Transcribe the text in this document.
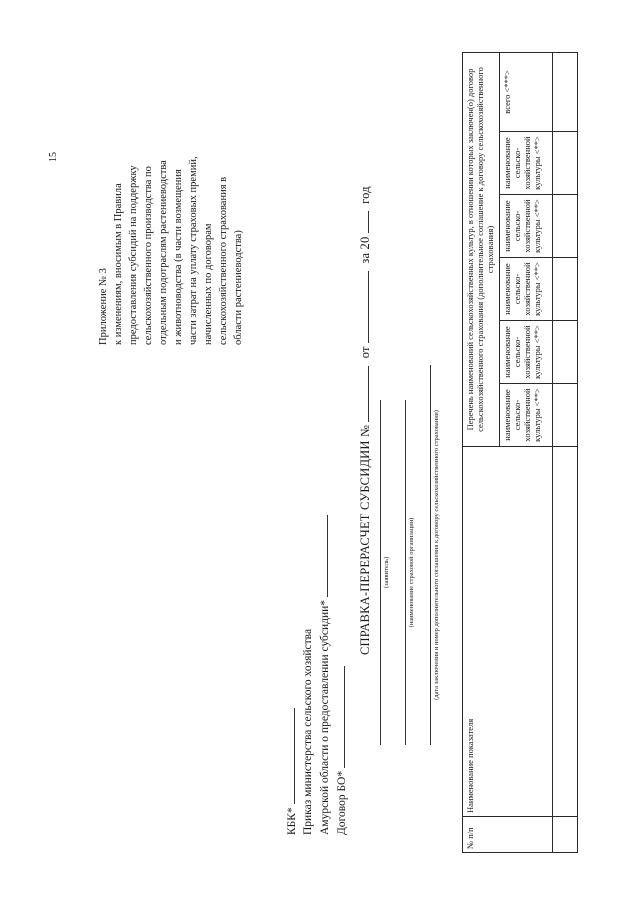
15
Приложение № 3 к изменениям, вносимым в Правила предоставления субсидий на поддержку сельскохозяйственного производства по отдельным подотраслям растениеводства и животноводства (в части возмещения части затрат на уплату страховых премий, начисленных по договорам сельскохозяйственного страхования в области растениеводства)
КБК* Приказ министерства сельского хозяйства Амурской области о предоставлении субсидии* Договор БО*
СПРАВКА-ПЕРЕРАСЧЕТ СУБСИДИИ №  от  за 20  год
(заявитель)	(наименование страховой организации)	(дата заключения и номер дополнительного соглашения к договору сельскохозяйственного страхования)
№ п/п	Наименование показателя	Перечень наименований сельскохозяйственных культур, в отношении которых заключен(о) договор сельскохозяйственного страхования (дополнительное соглашение к договору сельскохозяйственного страхования)					
		наименование сельско-хозяйственной культуры <**>	наименование сельско-хозяйственной культуры <**>	наименование сельско-хозяйственной культуры <**>	наименование сельско-хозяйственной культуры <**>	наименование сельско-хозяйственной культуры <**>	всего <***>
